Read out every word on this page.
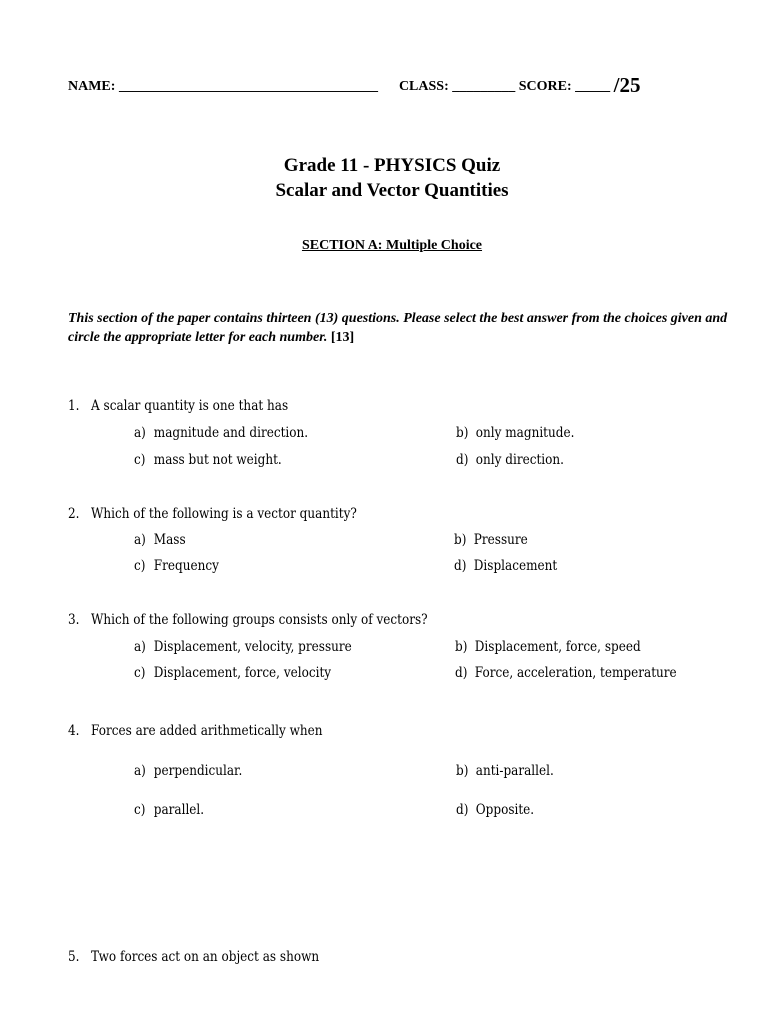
NAME: _____________________________________ CLASS: _________ SCORE: _____ /25
Grade 11 - PHYSICS Quiz
Scalar and Vector Quantities
SECTION A: Multiple Choice
This section of the paper contains thirteen (13) questions. Please select the best answer from the choices given and circle the appropriate letter for each number. [13]
1. A scalar quantity is one that has
a) magnitude and direction.	b) only magnitude.
c) mass but not weight.	d) only direction.
2. Which of the following is a vector quantity?
a) Mass	b) Pressure
c) Frequency	d) Displacement
3. Which of the following groups consists only of vectors?
a) Displacement, velocity, pressure	b) Displacement, force, speed
c) Displacement, force, velocity	d) Force, acceleration, temperature
4. Forces are added arithmetically when
a) perpendicular.	b) anti-parallel.
c) parallel.	d) Opposite.
5. Two forces act on an object as shown
